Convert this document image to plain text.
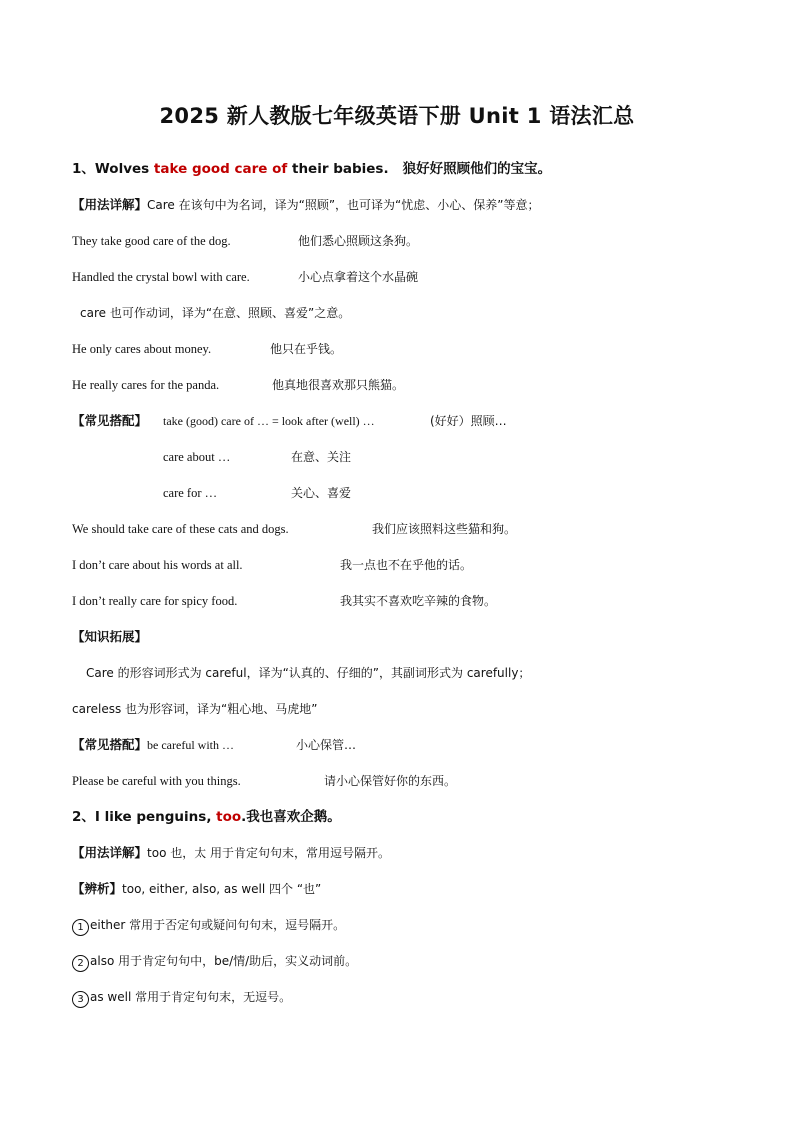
2025 新人教版七年级英语下册 Unit 1 语法汇总
1、Wolves take good care of their babies. 狼好好照顾他们的宝宝。
【用法详解】Care 在该句中为名词，译为“照顾”，也可译为“忧虑、小心、保养”等意；
They take good care of the dog.	他们悉心照顾这条狗。
Handled the crystal bowl with care.	小心点拿着这个水晶碗
care 也可作动词，译为“在意、照顾、喜爱”之意。
He only cares about money.	他只在乎钱。
He really cares for the panda.	他真地很喜欢那只熊猫。
【常见搭配】 take (good) care of … = look after (well) …	(好好）照顾…
care about …	在意、关注
care for …	关心、喜爱
We should take care of these cats and dogs.	我们应该照料这些猫和狗。
I don’t care about his words at all.	我一点也不在乎他的话。
I don’t really care for spicy food.	我其实不喜欢吃辛辣的食物。
【知识拓展】
Care 的形容词形式为 careful，译为“认真的、仔细的”，其副词形式为 carefully；
careless 也为形容词，译为“粗心地、马虎地”
【常见搭配】be careful with …	小心保管…
Please be careful with you things.	请小心保管好你的东西。
2、I like penguins, too.我也喜欢企鹅。
【用法详解】too 也，太 用于肯定句句末，常用逗号隔开。
【辨析】too, either, also, as well 四个 “也”
1 either 常用于否定句或疑问句句末，逗号隔开。
2 also 用于肯定句句中，be/情/助后，实义动词前。
3 as well 常用于肯定句句末，无逗号。
